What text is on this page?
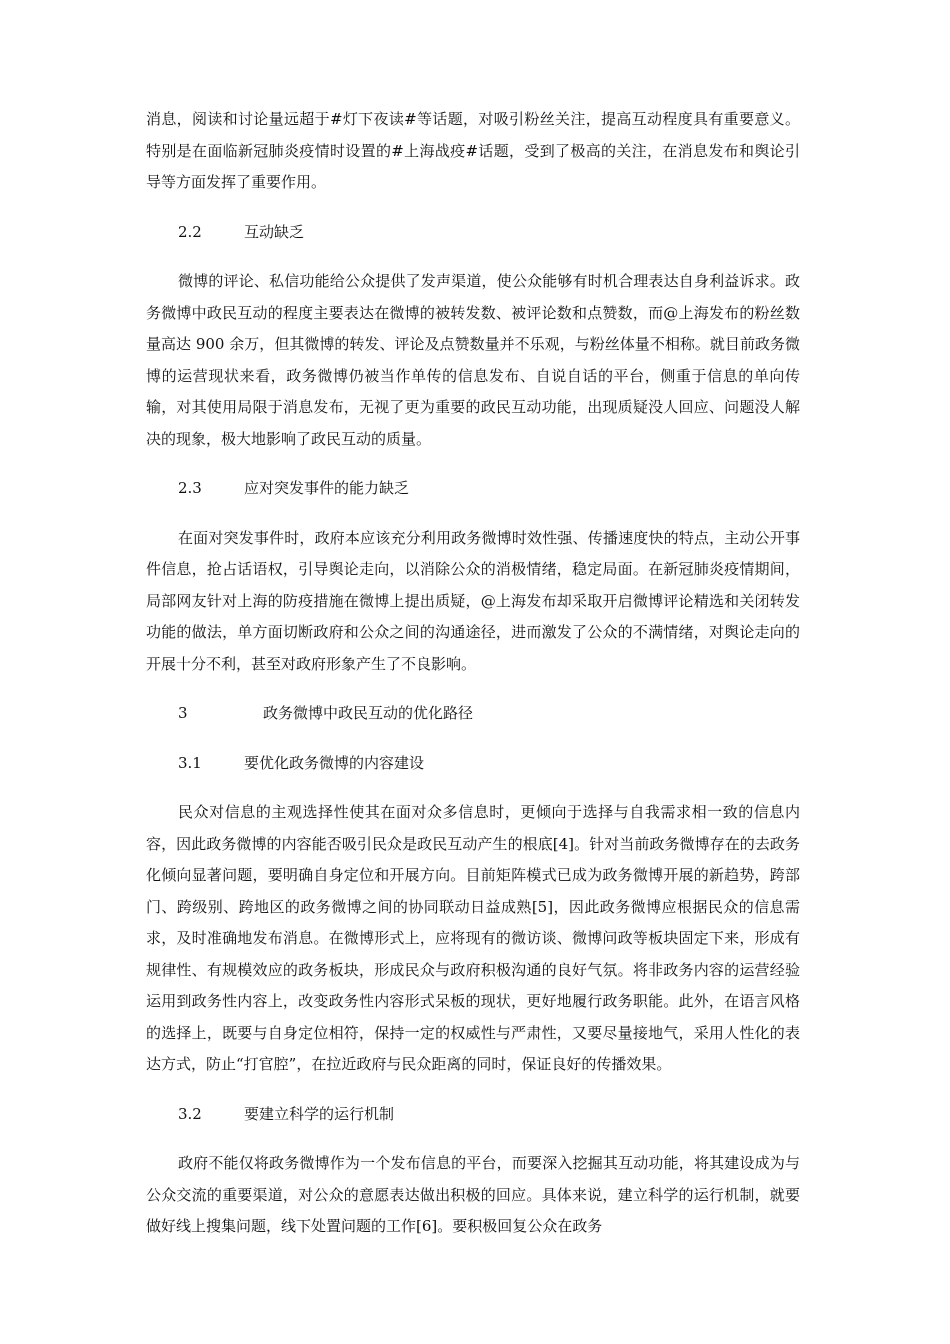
消息，阅读和讨论量远超于#灯下夜读#等话题，对吸引粉丝关注，提高互动程度具有重要意义。特别是在面临新冠肺炎疫情时设置的#上海战疫#话题，受到了极高的关注，在消息发布和舆论引导等方面发挥了重要作用。

2.2	互动缺乏

微博的评论、私信功能给公众提供了发声渠道，使公众能够有时机合理表达自身利益诉求。政务微博中政民互动的程度主要表达在微博的被转发数、被评论数和点赞数，而@上海发布的粉丝数量高达 900 余万，但其微博的转发、评论及点赞数量并不乐观，与粉丝体量不相称。就目前政务微博的运营现状来看，政务微博仍被当作单传的信息发布、自说自话的平台，侧重于信息的单向传输，对其使用局限于消息发布，无视了更为重要的政民互动功能，出现质疑没人回应、问题没人解决的现象，极大地影响了政民互动的质量。

2.3	应对突发事件的能力缺乏

在面对突发事件时，政府本应该充分利用政务微博时效性强、传播速度快的特点，主动公开事件信息，抢占话语权，引导舆论走向，以消除公众的消极情绪，稳定局面。在新冠肺炎疫情期间，局部网友针对上海的防疫措施在微博上提出质疑，@上海发布却采取开启微博评论精选和关闭转发功能的做法，单方面切断政府和公众之间的沟通途径，进而激发了公众的不满情绪，对舆论走向的开展十分不利，甚至对政府形象产生了不良影响。

3	政务微博中政民互动的优化路径
3.1	要优化政务微博的内容建设

民众对信息的主观选择性使其在面对众多信息时，更倾向于选择与自我需求相一致的信息内容，因此政务微博的内容能否吸引民众是政民互动产生的根底[4]。针对当前政务微博存在的去政务化倾向显著问题，要明确自身定位和开展方向。目前矩阵模式已成为政务微博开展的新趋势，跨部门、跨级别、跨地区的政务微博之间的协同联动日益成熟[5]，因此政务微博应根据民众的信息需求，及时准确地发布消息。在微博形式上，应将现有的微访谈、微博问政等板块固定下来，形成有规律性、有规模效应的政务板块，形成民众与政府积极沟通的良好气氛。将非政务内容的运营经验运用到政务性内容上，改变政务性内容形式呆板的现状，更好地履行政务职能。此外，在语言风格的选择上，既要与自身定位相符，保持一定的权威性与严肃性，又要尽量接地气，采用人性化的表达方式，防止“打官腔”，在拉近政府与民众距离的同时，保证良好的传播效果。

3.2	要建立科学的运行机制

政府不能仅将政务微博作为一个发布信息的平台，而要深入挖掘其互动功能，将其建设成为与公众交流的重要渠道，对公众的意愿表达做出积极的回应。具体来说，建立科学的运行机制，就要做好线上搜集问题，线下处置问题的工作[6]。要积极回复公众在政务
